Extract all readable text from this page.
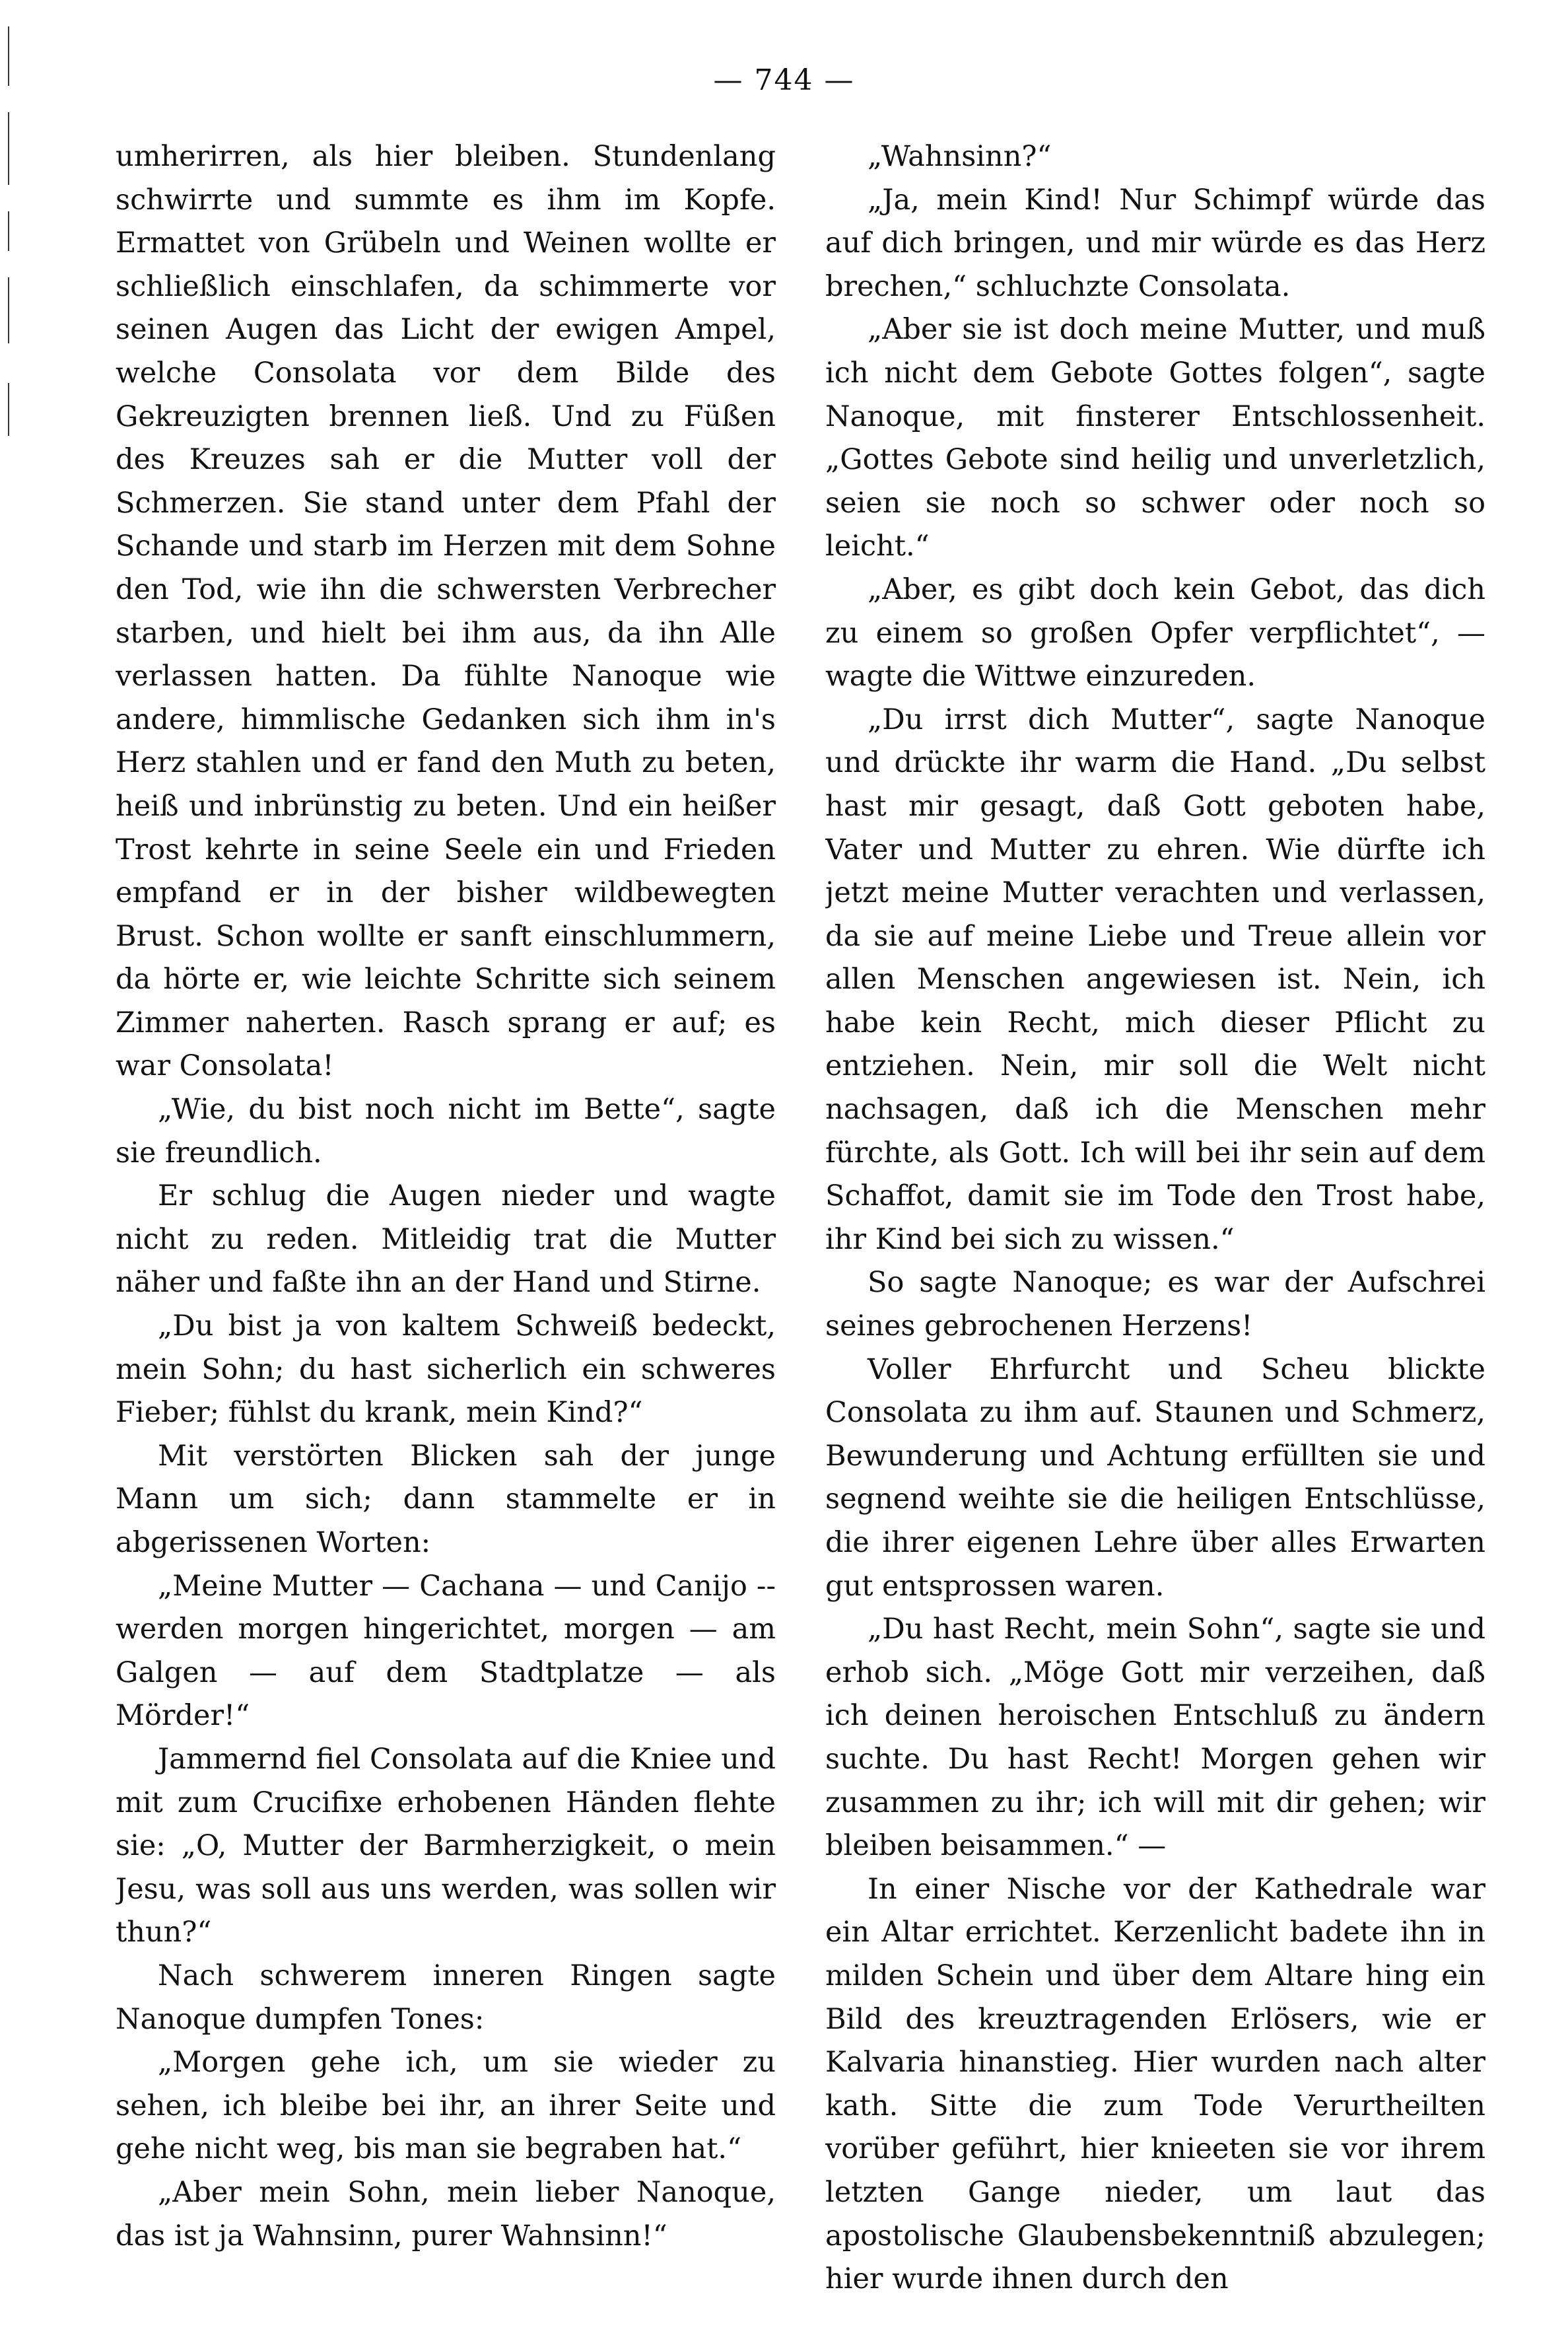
— 744 —

umherirren, als hier bleiben. Stundenlang schwirrte und summte es ihm im Kopfe. Ermattet von Grübeln und Weinen wollte er schließlich einschlafen, da schimmerte vor seinen Augen das Licht der ewigen Ampel, welche Consolata vor dem Bilde des Gekreuzigten brennen ließ. Und zu Füßen des Kreuzes sah er die Mutter voll der Schmerzen. Sie stand unter dem Pfahl der Schande und starb im Herzen mit dem Sohne den Tod, wie ihn die schwersten Verbrecher starben, und hielt bei ihm aus, da ihn Alle verlassen hatten. Da fühlte Nanoque wie andere, himmlische Gedanken sich ihm in's Herz stahlen und er fand den Muth zu beten, heiß und inbrünstig zu beten. Und ein heißer Trost kehrte in seine Seele ein und Frieden empfand er in der bisher wildbewegten Brust. Schon wollte er sanft einschlummern, da hörte er, wie leichte Schritte sich seinem Zimmer naherten. Rasch sprang er auf; es war Consolata!

„Wie, du bist noch nicht im Bette“, sagte sie freundlich.

Er schlug die Augen nieder und wagte nicht zu reden. Mitleidig trat die Mutter näher und faßte ihn an der Hand und Stirne.

„Du bist ja von kaltem Schweiß bedeckt, mein Sohn; du hast sicherlich ein schweres Fieber; fühlst du krank, mein Kind?“

Mit verstörten Blicken sah der junge Mann um sich; dann stammelte er in abgerissenen Worten:

„Meine Mutter — Cachana — und Canijo -- werden morgen hingerichtet, morgen — am Galgen — auf dem Stadtplatze — als Mörder!“

Jammernd fiel Consolata auf die Kniee und mit zum Crucifixe erhobenen Händen flehte sie: „O, Mutter der Barmherzigkeit, o mein Jesu, was soll aus uns werden, was sollen wir thun?“

Nach schwerem inneren Ringen sagte Nanoque dumpfen Tones:

„Morgen gehe ich, um sie wieder zu sehen, ich bleibe bei ihr, an ihrer Seite und gehe nicht weg, bis man sie begraben hat.“

„Aber mein Sohn, mein lieber Nanoque, das ist ja Wahnsinn, purer Wahnsinn!“

„Wahnsinn?“

„Ja, mein Kind! Nur Schimpf würde das auf dich bringen, und mir würde es das Herz brechen,“ schluchzte Consolata.

„Aber sie ist doch meine Mutter, und muß ich nicht dem Gebote Gottes folgen“, sagte Nanoque, mit finsterer Entschlossenheit. „Gottes Gebote sind heilig und unverletzlich, seien sie noch so schwer oder noch so leicht.“

„Aber, es gibt doch kein Gebot, das dich zu einem so großen Opfer verpflichtet“, — wagte die Wittwe einzureden.

„Du irrst dich Mutter“, sagte Nanoque und drückte ihr warm die Hand. „Du selbst hast mir gesagt, daß Gott geboten habe, Vater und Mutter zu ehren. Wie dürfte ich jetzt meine Mutter verachten und verlassen, da sie auf meine Liebe und Treue allein vor allen Menschen angewiesen ist. Nein, ich habe kein Recht, mich dieser Pflicht zu entziehen. Nein, mir soll die Welt nicht nachsagen, daß ich die Menschen mehr fürchte, als Gott. Ich will bei ihr sein auf dem Schaffot, damit sie im Tode den Trost habe, ihr Kind bei sich zu wissen.“

So sagte Nanoque; es war der Aufschrei seines gebrochenen Herzens!

Voller Ehrfurcht und Scheu blickte Consolata zu ihm auf. Staunen und Schmerz, Bewunderung und Achtung erfüllten sie und segnend weihte sie die heiligen Entschlüsse, die ihrer eigenen Lehre über alles Erwarten gut entsprossen waren.

„Du hast Recht, mein Sohn“, sagte sie und erhob sich. „Möge Gott mir verzeihen, daß ich deinen heroischen Entschluß zu ändern suchte. Du hast Recht! Morgen gehen wir zusammen zu ihr; ich will mit dir gehen; wir bleiben beisammen.“ —

In einer Nische vor der Kathedrale war ein Altar errichtet. Kerzenlicht badete ihn in milden Schein und über dem Altare hing ein Bild des kreuztragenden Erlösers, wie er Kalvaria hinanstieg. Hier wurden nach alter kath. Sitte die zum Tode Verurtheilten vorüber geführt, hier knieeten sie vor ihrem letzten Gange nieder, um laut das apostolische Glaubensbekenntniß abzulegen; hier wurde ihnen durch den
